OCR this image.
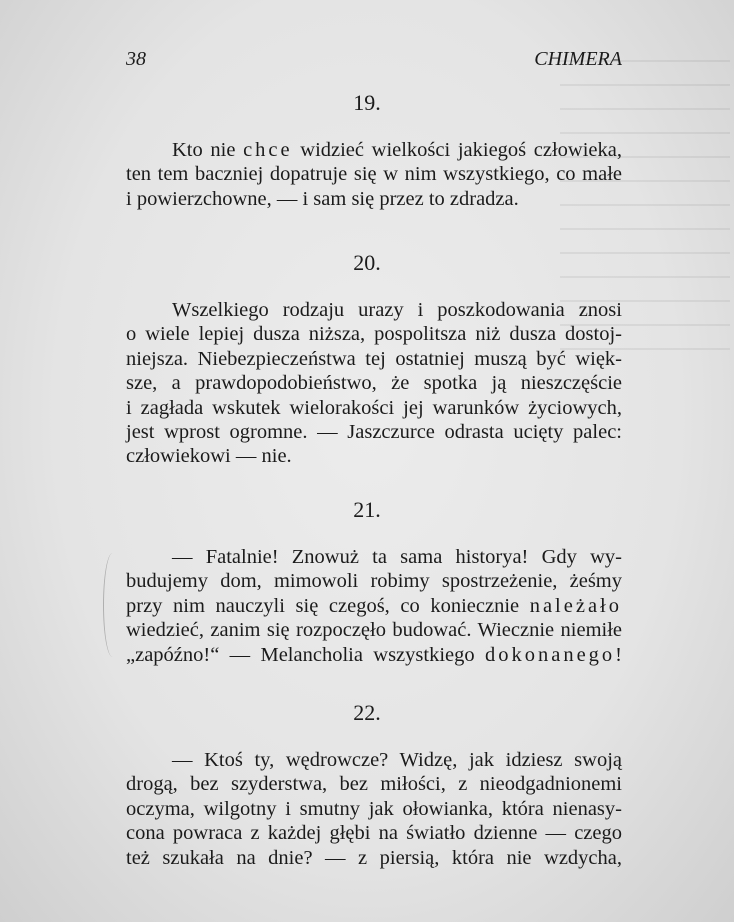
38	CHIMERA
19.
Kto nie chce widzieć wielkości jakiegoś człowieka,
ten tem baczniej dopatruje się w nim wszystkiego, co małe
i powierzchowne, — i sam się przez to zdradza.
20.
Wszelkiego rodzaju urazy i poszkodowania znosi
o wiele lepiej dusza niższa, pospolitsza niż dusza dostoj-
niejsza. Niebezpieczeństwa tej ostatniej muszą być więk-
sze, a prawdopodobieństwo, że spotka ją nieszczęście
i zagłada wskutek wielorakości jej warunków życiowych,
jest wprost ogromne. — Jaszczurce odrasta ucięty palec:
człowiekowi — nie.
21.
— Fatalnie! Znowuż ta sama historya! Gdy wy-
budujemy dom, mimowoli robimy spostrzeżenie, żeśmy
przy nim nauczyli się czegoś, co koniecznie należało
wiedzieć, zanim się rozpoczęło budować. Wiecznie niemiłe
„zapóźno!“ — Melancholia wszystkiego dokonanego!
22.
— Ktoś ty, wędrowcze? Widzę, jak idziesz swoją
drogą, bez szyderstwa, bez miłości, z nieodgadnionemi
oczyma, wilgotny i smutny jak ołowianka, która nienasy-
cona powraca z każdej głębi na światło dzienne — czego
też szukała na dnie? — z piersią, która nie wzdycha,
